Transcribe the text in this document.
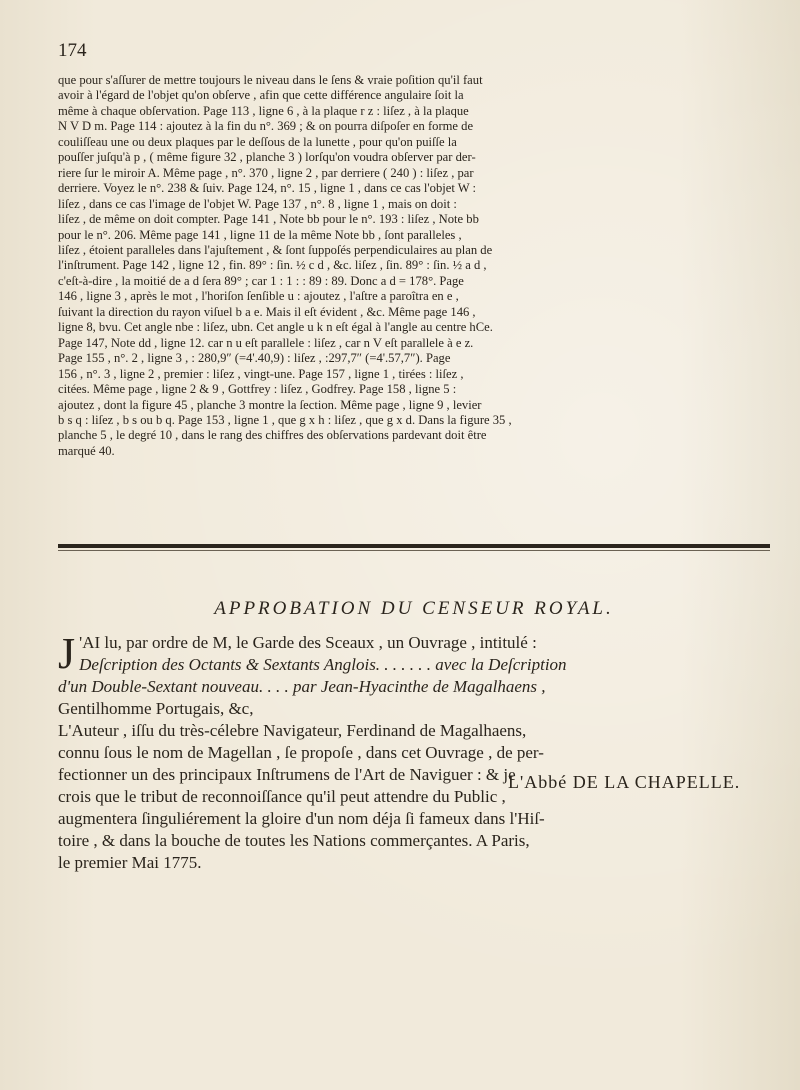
174

que pour s'aſſurer de mettre toujours le niveau dans le ſens & vraie poſition qu'il faut

avoir à l'égard de l'objet qu'on obſerve , afin que cette différence angulaire ſoit la

même à chaque obſervation. Page 113 , ligne 6 , à la plaque r z : liſez , à la plaque

N V D m. Page 114 : ajoutez à la fin du n°. 369 ; & on pourra diſpoſer en forme de

couliſſeau une ou deux plaques par le deſſous de la lunette , pour qu'on puiſſe la

pouſſer juſqu'à p , ( même figure 32 , planche 3 ) lorſqu'on voudra obſerver par der-

riere ſur le miroir A. Même page , n°. 370 , ligne 2 , par derriere ( 240 ) : liſez , par

derriere. Voyez le n°. 238 & ſuiv. Page 124, n°. 15 , ligne 1 , dans ce cas l'objet W :

liſez , dans ce cas l'image de l'objet W. Page 137 , n°. 8 , ligne 1 , mais on doit :

liſez , de même on doit compter. Page 141 , Note bb pour le n°. 193 : liſez , Note bb

pour le n°. 206. Même page 141 , ligne 11 de la même Note bb , ſont paralleles ,

liſez , étoient paralleles dans l'ajuſtement , & ſont ſuppoſés perpendiculaires au plan de

l'inſtrument. Page 142 , ligne 12 , fin. 89° : ſin. ½ c d , &c. liſez , ſin. 89° : ſin. ½ a d ,

c'eſt-à-dire , la moitié de a d ſera 89° ; car 1 : 1 : : 89 : 89. Donc a d = 178°. Page

146 , ligne 3 , après le mot , l'horiſon ſenſible u : ajoutez , l'aſtre a paroîtra en e ,

ſuivant la direction du rayon viſuel b a e. Mais il eſt évident , &c. Même page 146 ,

ligne 8, bvu. Cet angle nbe : liſez, ubn. Cet angle u k n eſt égal à l'angle au centre hCe.

Page 147, Note dd , ligne 12. car n u eſt parallele : liſez , car n V eſt parallele à e z.

Page 155 , n°. 2 , ligne 3 , : 280,9″ (=4'.40,9) : liſez , :297,7″ (=4'.57,7″). Page

156 , n°. 3 , ligne 2 , premier : liſez , vingt-une. Page 157 , ligne 1 , tirées : liſez ,

citées. Même page , ligne 2 & 9 , Gottfrey : liſez , Godfrey. Page 158 , ligne 5 :

ajoutez , dont la figure 45 , planche 3 montre la ſection. Même page , ligne 9 , levier

b s q : liſez , b s ou b q. Page 153 , ligne 1 , que g x h : liſez , que g x d. Dans la figure 35 ,

planche 5 , le degré 10 , dans le rang des chiffres des obſervations pardevant doit être

marqué 40.

APPROBATION DU CENSEUR ROYAL.
J 'AI lu, par ordre de M, le Garde des Sceaux , un Ouvrage , intitulé :

Deſcription des Octants & Sextants Anglois. . . . . . . avec la Deſcription

d'un Double-Sextant nouveau. . . . par Jean-Hyacinthe de Magalhaens ,

Gentilhomme Portugais, &c,

L'Auteur , iſſu du très-célebre Navigateur, Ferdinand de Magalhaens,

connu ſous le nom de Magellan , ſe propoſe , dans cet Ouvrage , de per-

fectionner un des principaux Inſtrumens de l'Art de Naviguer : & je

crois que le tribut de reconnoiſſance qu'il peut attendre du Public ,

augmentera ſinguliérement la gloire d'un nom déja ſi fameux dans l'Hiſ-

toire , & dans la bouche de toutes les Nations commerçantes. A Paris,

le premier Mai 1775.

L'Abbé DE LA CHAPELLE.
